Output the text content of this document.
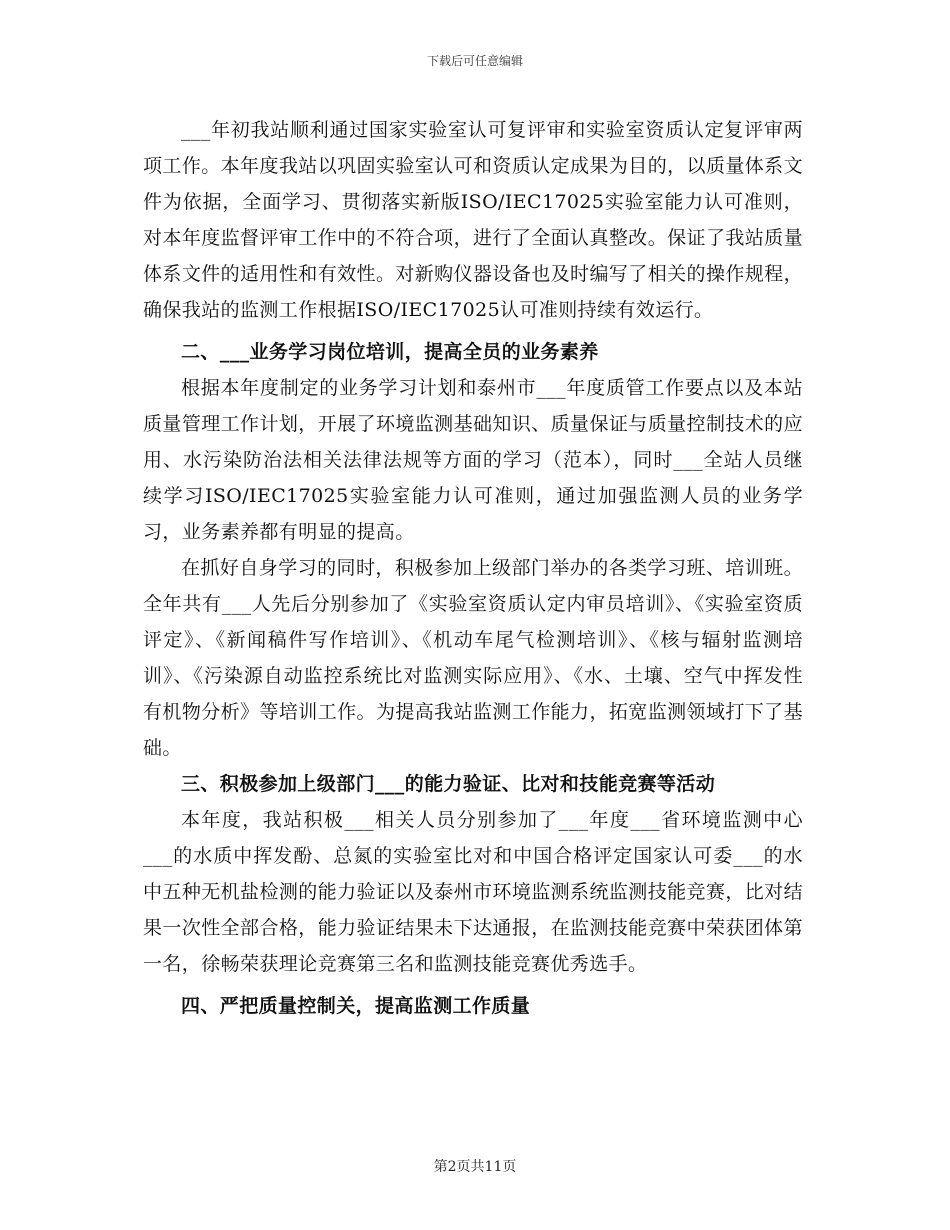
下载后可任意编辑

___年初我站顺利通过国家实验室认可复评审和实验室资质认定复评审两项工作。本年度我站以巩固实验室认可和资质认定成果为目的，以质量体系文件为依据，全面学习、贯彻落实新版ISO/IEC17025实验室能力认可准则，对本年度监督评审工作中的不符合项，进行了全面认真整改。保证了我站质量体系文件的适用性和有效性。对新购仪器设备也及时编写了相关的操作规程，确保我站的监测工作根据ISO/IEC17025认可准则持续有效运行。

二、___业务学习岗位培训，提高全员的业务素养

根据本年度制定的业务学习计划和泰州市___年度质管工作要点以及本站质量管理工作计划，开展了环境监测基础知识、质量保证与质量控制技术的应用、水污染防治法相关法律法规等方面的学习（范本），同时___全站人员继续学习ISO/IEC17025实验室能力认可准则，通过加强监测人员的业务学习，业务素养都有明显的提高。

在抓好自身学习的同时，积极参加上级部门举办的各类学习班、培训班。全年共有___人先后分别参加了《实验室资质认定内审员培训》、《实验室资质评定》、《新闻稿件写作培训》、《机动车尾气检测培训》、《核与辐射监测培训》、《污染源自动监控系统比对监测实际应用》、《水、土壤、空气中挥发性有机物分析》等培训工作。为提高我站监测工作能力，拓宽监测领域打下了基础。

三、积极参加上级部门___的能力验证、比对和技能竞赛等活动

本年度，我站积极___相关人员分别参加了___年度___省环境监测中心___的水质中挥发酚、总氮的实验室比对和中国合格评定国家认可委___的水中五种无机盐检测的能力验证以及泰州市环境监测系统监测技能竞赛，比对结果一次性全部合格，能力验证结果未下达通报，在监测技能竞赛中荣获团体第一名，徐畅荣获理论竞赛第三名和监测技能竞赛优秀选手。

四、严把质量控制关，提高监测工作质量

第2页共11页
